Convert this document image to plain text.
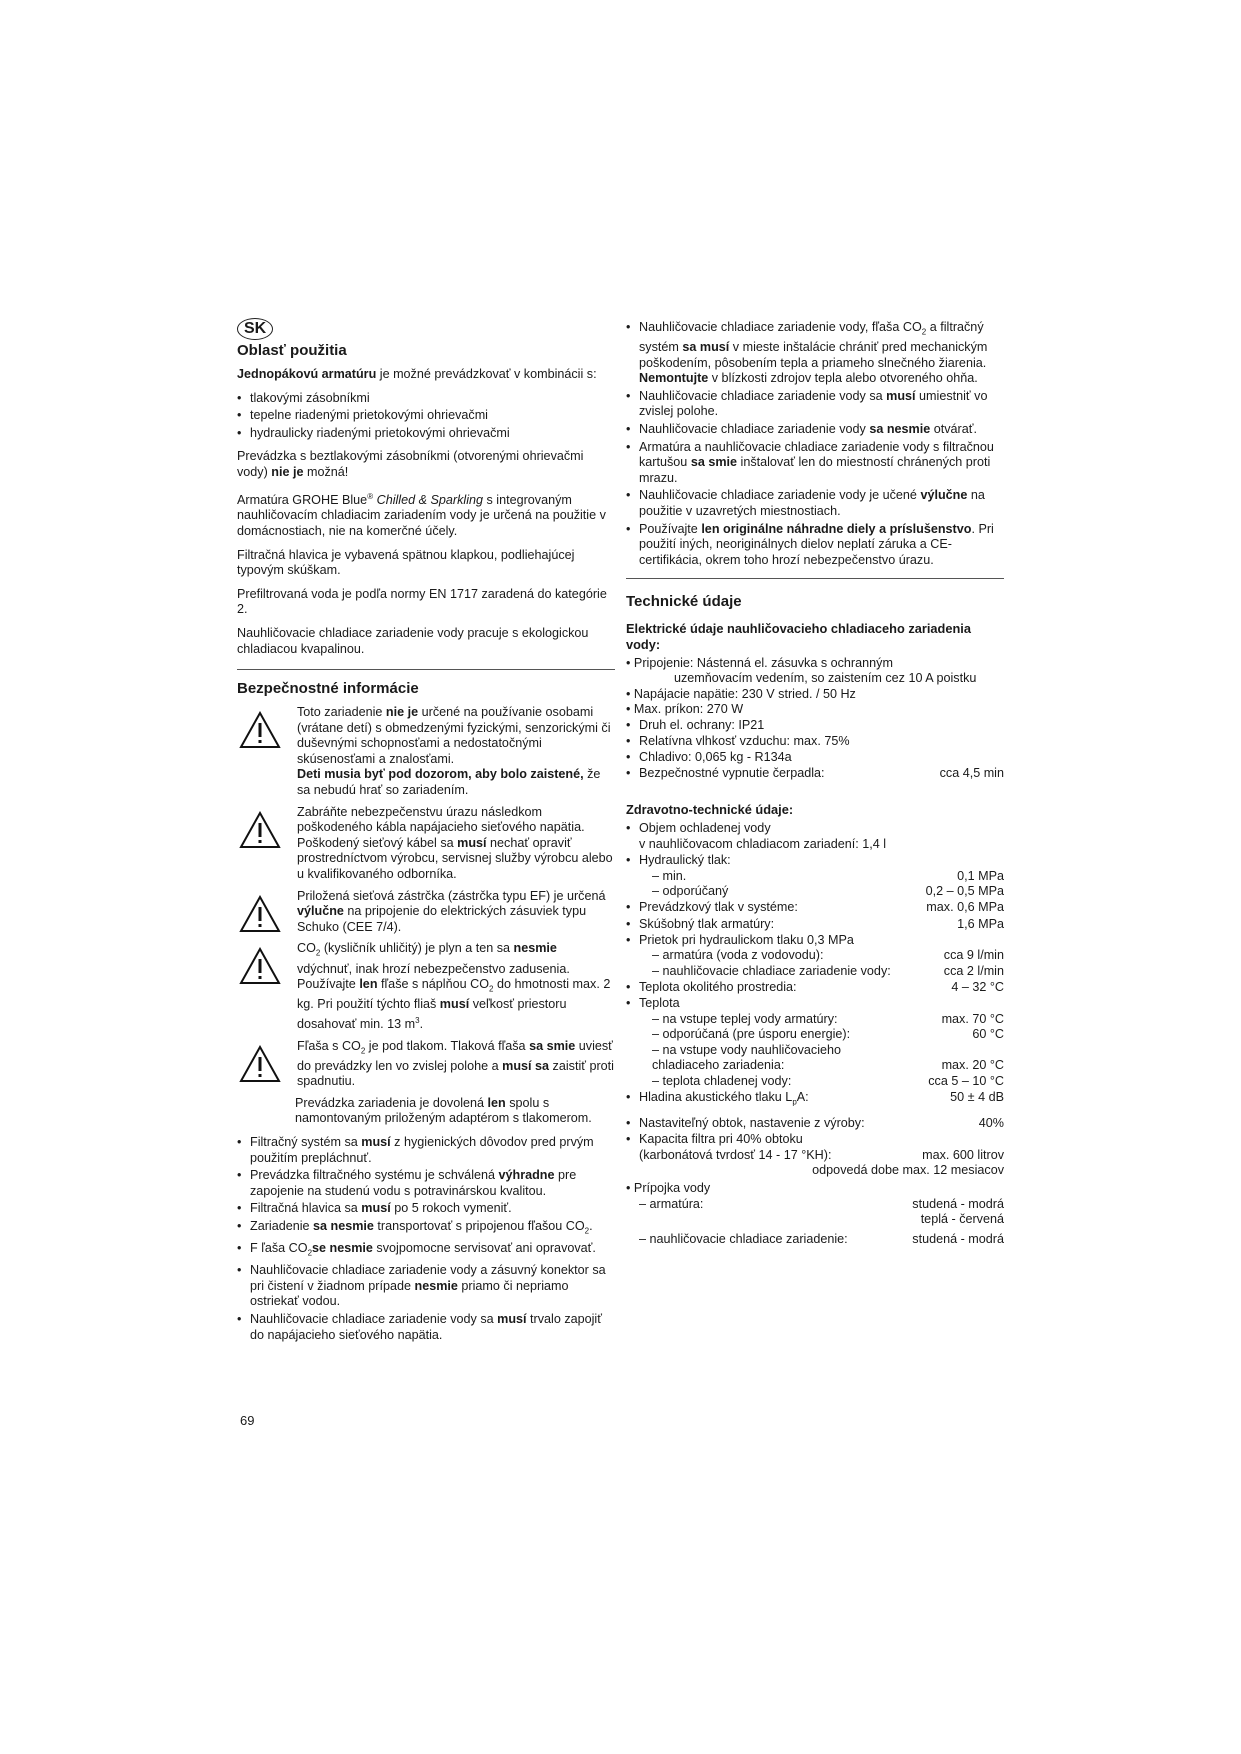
SK
Oblasť použitia

Jednopákovú armatúru je možné prevádzkovať v kombinácii s:

• tlakovými zásobníkmi
• tepelne riadenými prietokovými ohrievačmi
• hydraulicky riadenými prietokovými ohrievačmi

Prevádzka s beztlakovými zásobníkmi (otvorenými ohrievačmi vody) nie je možná!

Armatúra GROHE Blue® Chilled & Sparkling s integrovaným nauhličovacím chladiacim zariadením vody je určená na použitie v domácnostiach, nie na komerčné účely.

Filtračná hlavica je vybavená spätnou klapkou, podliehajúcej typovým skúškam.

Prefiltrovaná voda je podľa normy EN 1717 zaradená do kategórie 2.

Nauhličovacie chladiace zariadenie vody pracuje s ekologickou chladiacou kvapalinou.

Bezpečnostné informácie
Toto zariadenie nie je určené na používanie osobami (vrátane detí) s obmedzenými fyzickými, senzorickými či duševnými schopnosťami a nedostatočnými skúsenosťami a znalosťami.
Deti musia byť pod dozorom, aby bolo zaistené, že sa nebudú hrať so zariadením.
Zabráňte nebezpečenstvu úrazu následkom poškodeného kábla napájacieho sieťového napätia. Poškodený sieťový kábel sa musí nechať opraviť prostredníctvom výrobcu, servisnej služby výrobcu alebo u kvalifikovaného odborníka.
Priložená sieťová zástrčka (zástrčka typu EF) je určená výlučne na pripojenie do elektrických zásuviek typu Schuko (CEE 7/4).
$CO_2$ (kysličník uhličitý) je plyn a ten sa nesmie vdýchnuť, inak hrozí nebezpečenstvo zadusenia. Používajte len fľaše s náplňou $CO_2$ do hmotnosti max. 2 kg. Pri použití týchto fliaš musí veľkosť priestoru dosahovať min. 13 $m^3$.
Fľaša s $CO_2$ je pod tlakom. Tlaková fľaša sa smie uviesť do prevádzky len vo zvislej polohe a musí sa zaistiť proti spadnutiu.

Prevádzka zariadenia je dovolená len spolu s namontovaným priloženým adaptérom s tlakomerom.

• Filtračný systém sa musí z hygienických dôvodov pred prvým použitím prepláchnuť.
• Prevádzka filtračného systému je schválená výhradne pre zapojenie na studenú vodu s potravinárskou kvalitou.
• Filtračná hlavica sa musí po 5 rokoch vymeniť.
• Zariadenie sa nesmie transportovať s pripojenou fľašou $CO_2$.
• F ľaša $CO_2se$ nesmie svojpomocne servisovať ani opravovať.
• Nauhličovacie chladiace zariadenie vody a zásuvný konektor sa pri čistení v žiadnom prípade nesmie priamo či nepriamo ostriekať vodou.
• Nauhličovacie chladiace zariadenie vody sa musí trvalo zapojiť do napájacieho sieťového napätia.
• Nauhličovacie chladiace zariadenie vody, fľaša $CO_2$ a filtračný systém sa musí v mieste inštalácie chrániť pred mechanickým poškodením, pôsobením tepla a priameho slnečného žiarenia.
Nemontujte v blízkosti zdrojov tepla alebo otvoreného ohňa.
• Nauhličovacie chladiace zariadenie vody sa musí umiestniť vo zvislej polohe.
• Nauhličovacie chladiace zariadenie vody sa nesmie otvárať.
• Armatúra a nauhličovacie chladiace zariadenie vody s filtračnou kartušou sa smie inštalovať len do miestností chránených proti mrazu.
• Nauhličovacie chladiace zariadenie vody je učené výlučne na použitie v uzavretých miestnostiach.
• Používajte len originálne náhradne diely a príslušenstvo. Pri použití iných, neoriginálnych dielov neplatí záruka a CE-certifikácia, okrem toho hrozí nebezpečenstvo úrazu.
Technické údaje
Elektrické údaje nauhličovacieho chladiaceho zariadenia vody:
• Pripojenie: Nástenná el. zásuvka s ochranným
uzemňovacím vedením, so zaistením cez 10 A poistku
• Napájacie napätie: 230 V stried. / 50 Hz
• Max. príkon: 270 W
• Druh el. ochrany: IP21
• Relatívna vlhkosť vzduchu: max. 75%
• Chladivo: 0,065 kg - R134a
• Bezpečnostné vypnutie čerpadla:	cca 4,5 min
Zdravotno-technické údaje:
• Objem ochladenej vody
v nauhličovacom chladiacom zariadení: 1,4 l
• Hydraulický tlak:
– min.	0,1 MPa
– odporúčaný	0,2 – 0,5 MPa
• Prevádzkový tlak v systéme:	max. 0,6 MPa
• Skúšobný tlak armatúry:	1,6 MPa
• Prietok pri hydraulickom tlaku 0,3 MPa
– armatúra (voda z vodovodu):	cca 9 l/min
– nauhličovacie chladiace zariadenie vody:	cca 2 l/min
• Teplota okolitého prostredia:	4 – 32 °C
• Teplota
– na vstupe teplej vody armatúry:	max. 70 °C
– odporúčaná (pre úsporu energie):	60 °C
– na vstupe vody nauhličovacieho
chladiaceho zariadenia:	max. 20 °C
– teplota chladenej vody:	cca 5 – 10 °C
• Hladina akustického tlaku $L_pA$:	50 ± 4 dB
• Nastaviteľný obtok, nastavenie z výroby:	40%
• Kapacita filtra pri 40% obtoku
(karbonátová tvrdosť 14 - 17 °KH):	max. 600 litrov
odpovedá dobe max. 12 mesiacov
• Prípojka vody
– armatúra:	studená - modrá
teplá - červená
– nauhličovacie chladiace zariadenie:	studená - modrá
69
